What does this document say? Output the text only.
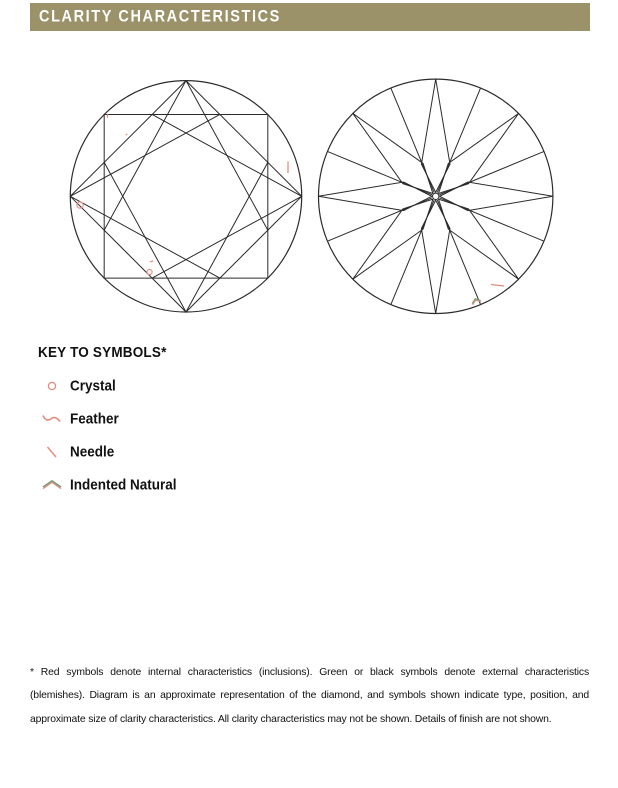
CLARITY CHARACTERISTICS
KEY TO SYMBOLS*
Crystal
Feather
Needle
Indented Natural
* Red symbols denote internal characteristics (inclusions). Green or black symbols denote external characteristics (blemishes). Diagram is an approximate representation of the diamond, and symbols shown indicate type, position, and approximate size of clarity characteristics. All clarity characteristics may not be shown. Details of finish are not shown.
